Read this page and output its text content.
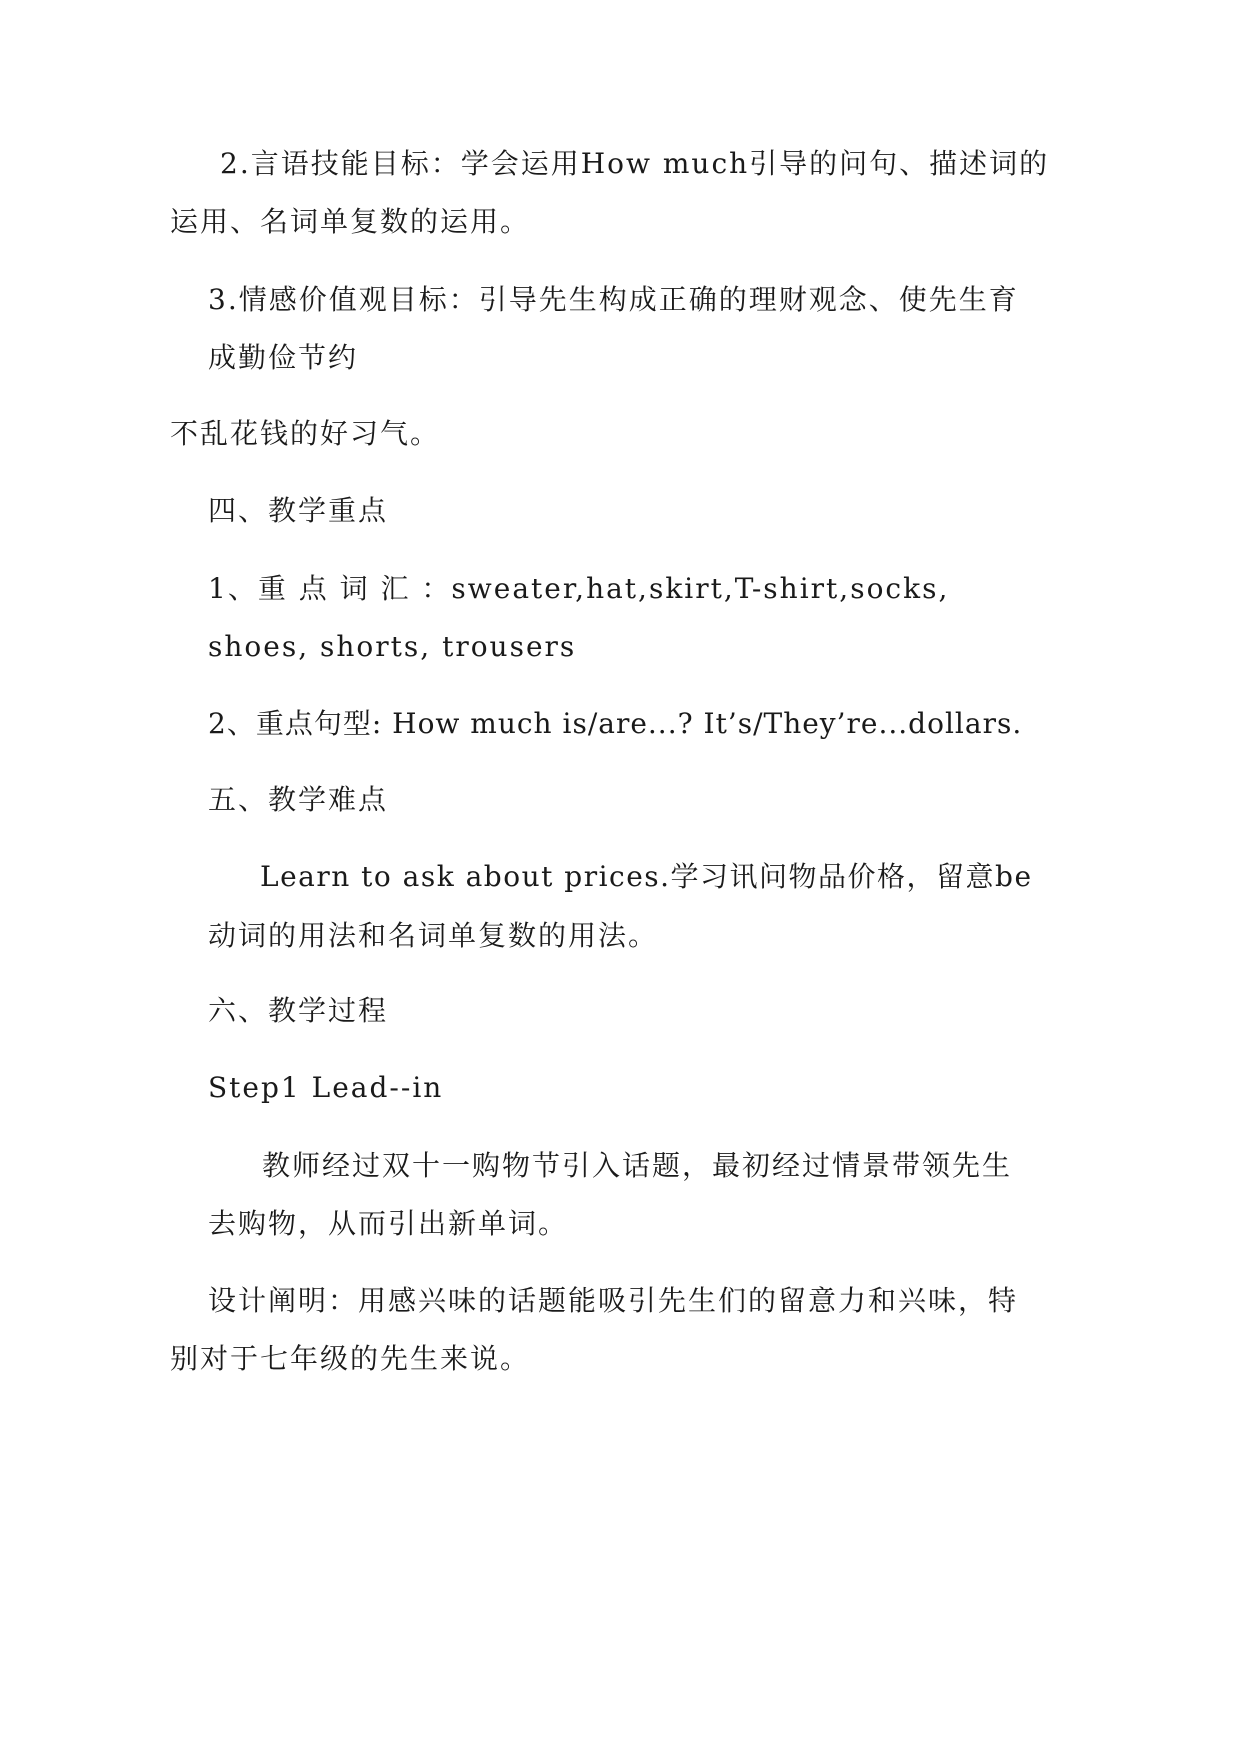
2.言语技能目标：学会运用How much引导的问句、描述词的
运用、名词单复数的运用。
3.情感价值观目标：引导先生构成正确的理财观念、使先生育
成勤俭节约
不乱花钱的好习气。
四、教学重点
1、重 点 词 汇 ： sweater, hat, skirt, T-shirt, socks,
shoes, shorts, trousers
2、重点句型: How much is/are...? It’s/They’re...dollars.
五、教学难点
Learn to ask about prices.学习讯问物品价格，留意be
动词的用法和名词单复数的用法。
六、教学过程
Step1 Lead--in
教师经过双十一购物节引入话题，最初经过情景带领先生
去购物，从而引出新单词。
设计阐明：用感兴味的话题能吸引先生们的留意力和兴味，特
别对于七年级的先生来说。
